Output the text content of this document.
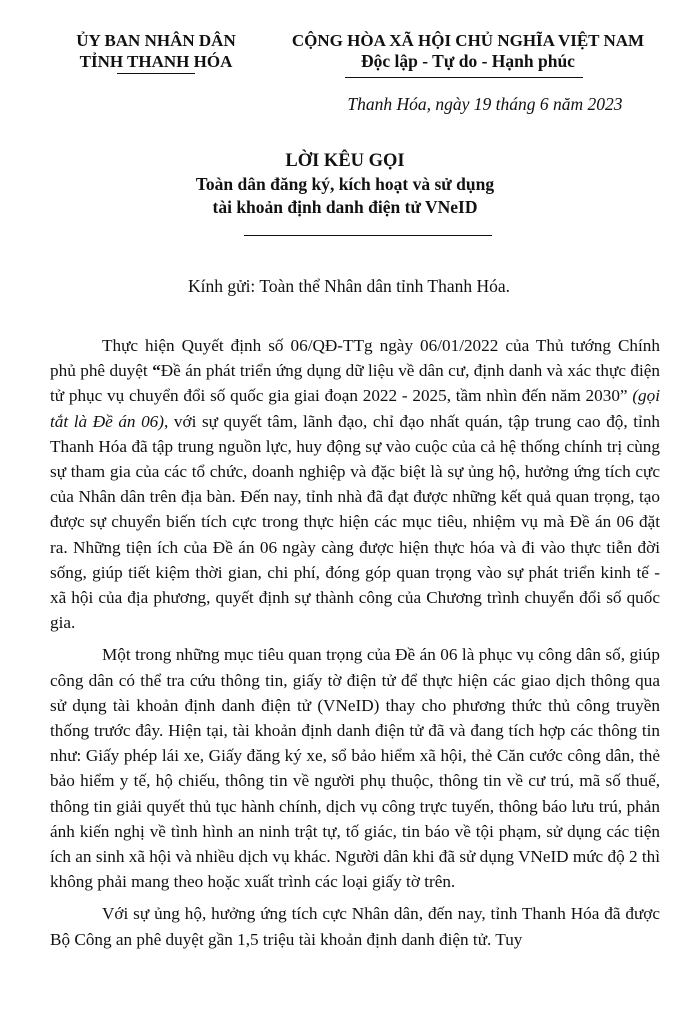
ỦY BAN NHÂN DÂN
TỈNH THANH HÓA
CỘNG HÒA XÃ HỘI CHỦ NGHĨA VIỆT NAM
Độc lập - Tự do - Hạnh phúc
Thanh Hóa, ngày 19 tháng 6 năm 2023
LỜI KÊU GỌI
Toàn dân đăng ký, kích hoạt và sử dụng
tài khoản định danh điện tử VNeID
Kính gửi: Toàn thể Nhân dân tỉnh Thanh Hóa.

Thực hiện Quyết định số 06/QĐ-TTg ngày 06/01/2022 của Thủ tướng Chính phủ phê duyệt “Đề án phát triển ứng dụng dữ liệu về dân cư, định danh và xác thực điện tử phục vụ chuyển đổi số quốc gia giai đoạn 2022 - 2025, tầm nhìn đến năm 2030” (gọi tắt là Đề án 06), với sự quyết tâm, lãnh đạo, chỉ đạo nhất quán, tập trung cao độ, tỉnh Thanh Hóa đã tập trung nguồn lực, huy động sự vào cuộc của cả hệ thống chính trị cùng sự tham gia của các tổ chức, doanh nghiệp và đặc biệt là sự ủng hộ, hưởng ứng tích cực của Nhân dân trên địa bàn. Đến nay, tỉnh nhà đã đạt được những kết quả quan trọng, tạo được sự chuyển biến tích cực trong thực hiện các mục tiêu, nhiệm vụ mà Đề án 06 đặt ra. Những tiện ích của Đề án 06 ngày càng được hiện thực hóa và đi vào thực tiễn đời sống, giúp tiết kiệm thời gian, chi phí, đóng góp quan trọng vào sự phát triển kinh tế - xã hội của địa phương, quyết định sự thành công của Chương trình chuyển đổi số quốc gia.

Một trong những mục tiêu quan trọng của Đề án 06 là phục vụ công dân số, giúp công dân có thể tra cứu thông tin, giấy tờ điện tử để thực hiện các giao dịch thông qua sử dụng tài khoản định danh điện tử (VNeID) thay cho phương thức thủ công truyền thống trước đây. Hiện tại, tài khoản định danh điện tử đã và đang tích hợp các thông tin như: Giấy phép lái xe, Giấy đăng ký xe, sổ bảo hiểm xã hội, thẻ Căn cước công dân, thẻ bảo hiểm y tế, hộ chiếu, thông tin về người phụ thuộc, thông tin về cư trú, mã số thuế, thông tin giải quyết thủ tục hành chính, dịch vụ công trực tuyến, thông báo lưu trú, phản ánh kiến nghị về tình hình an ninh trật tự, tố giác, tin báo về tội phạm, sử dụng các tiện ích an sinh xã hội và nhiều dịch vụ khác. Người dân khi đã sử dụng VNeID mức độ 2 thì không phải mang theo hoặc xuất trình các loại giấy tờ trên.

Với sự ủng hộ, hưởng ứng tích cực Nhân dân, đến nay, tỉnh Thanh Hóa đã được Bộ Công an phê duyệt gần 1,5 triệu tài khoản định danh điện tử. Tuy
